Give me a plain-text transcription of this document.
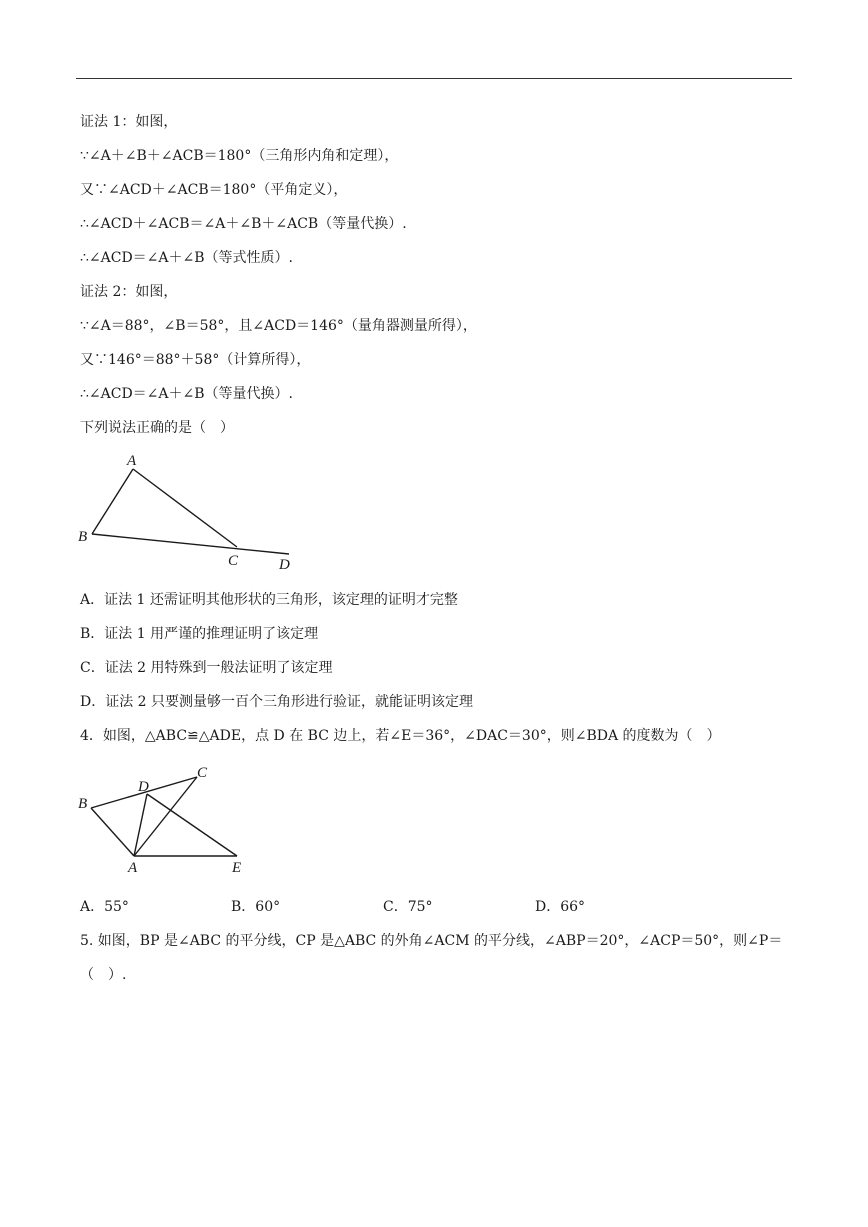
证法 1：如图，
∵∠A＋∠B＋∠ACB＝180°（三角形内角和定理），
又∵∠ACD＋∠ACB＝180°（平角定义），
∴∠ACD＋∠ACB＝∠A＋∠B＋∠ACB（等量代换）.
∴∠ACD＝∠A＋∠B（等式性质）.
证法 2：如图，
∵∠A＝88°，∠B＝58°，且∠ACD＝146°（量角器测量所得），
又∵146°＝88°＋58°（计算所得），
∴∠ACD＝∠A＋∠B（等量代换）.
下列说法正确的是（　）
A
B
C	D
A．证法 1 还需证明其他形状的三角形，该定理的证明才完整
B．证法 1 用严谨的推理证明了该定理
C．证法 2 用特殊到一般法证明了该定理
D．证法 2 只要测量够一百个三角形进行验证，就能证明该定理
4．如图，△ABC≌△ADE，点 D 在 BC 边上，若∠E＝36°，∠DAC＝30°，则∠BDA 的度数为（　）
B
D
C
A	E
A．55°	B．60°	C．75°	D．66°
5. 如图，BP 是∠ABC 的平分线，CP 是△ABC 的外角∠ACM 的平分线，∠ABP＝20°，∠ACP＝50°，则∠P＝
（　）.
